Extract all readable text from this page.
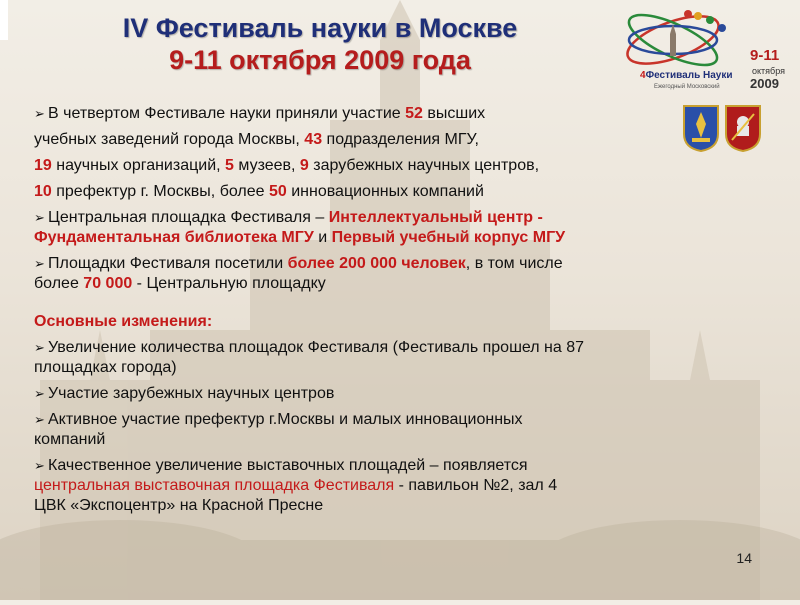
IV Фестиваль науки в Москве
9-11 октября 2009 года
4Фестиваль Науки
Ежегодный Московский
9-11
октября
2009

➢ В четвертом Фестивале науки приняли участие 52 высших

учебных заведений города Москвы, 43 подразделения МГУ,

19 научных организаций, 5 музеев, 9 зарубежных научных центров,

10 префектур г. Москвы, более 50 инновационных компаний

➢ Центральная площадка Фестиваля – Интеллектуальный центр -

Фундаментальная библиотека МГУ и Первый учебный корпус МГУ

➢ Площадки Фестиваля посетили более 200 000 человек, в том числе

более 70 000 - Центральную площадку

Основные изменения:

➢ Увеличение количества площадок Фестиваля (Фестиваль прошел на 87

площадках города)

➢ Участие зарубежных научных центров

➢ Активное участие префектур г.Москвы и малых инновационных

компаний

➢ Качественное увеличение выставочных площадей – появляется

центральная выставочная площадка Фестиваля - павильон №2, зал 4

ЦВК «Экспоцентр» на Красной Пресне

14
